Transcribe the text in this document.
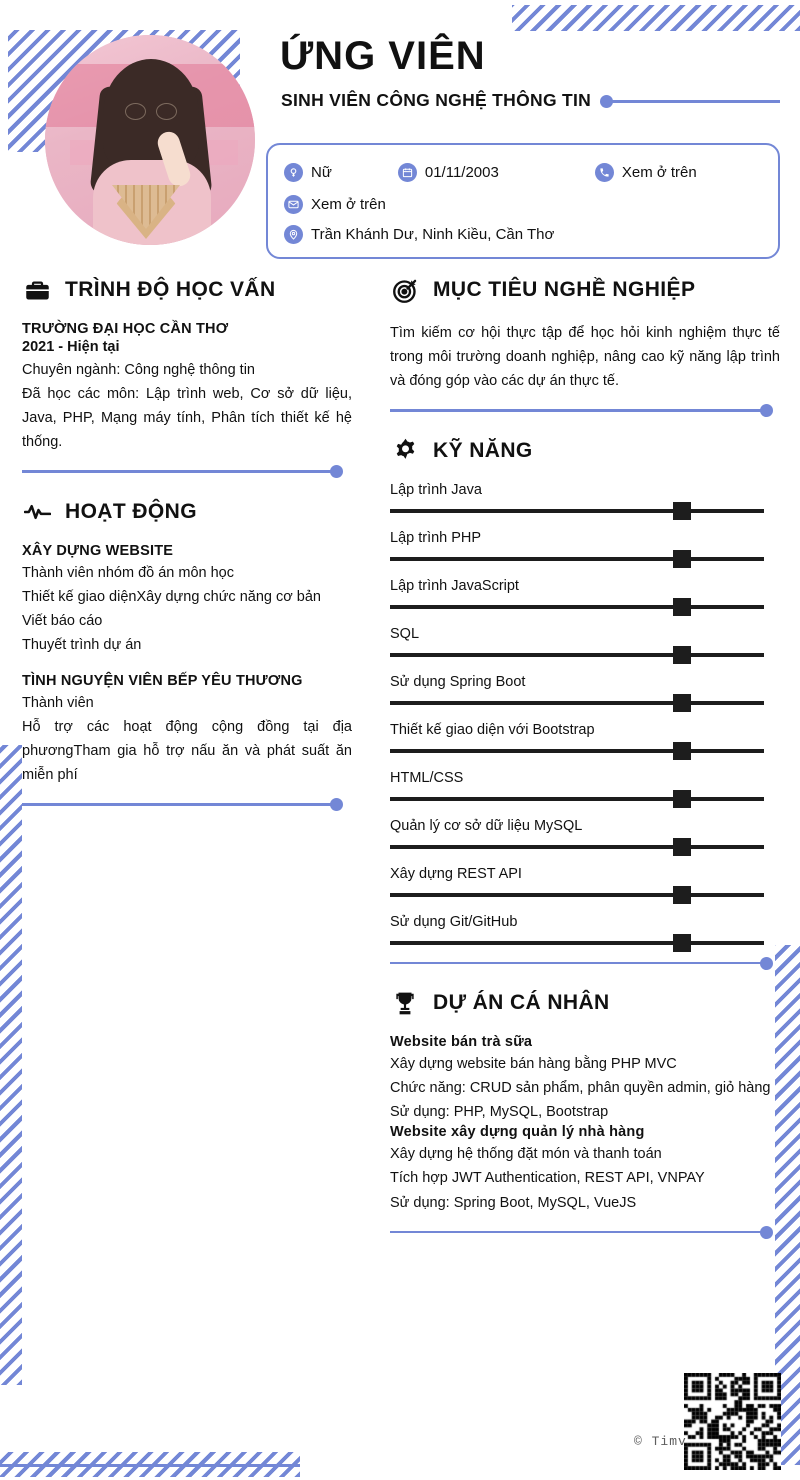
ỨNG VIÊN
SINH VIÊN CÔNG NGHỆ THÔNG TIN
Nữ	01/11/2003	Xem ở trên
Xem ở trên
Trần Khánh Dư, Ninh Kiều, Cần Thơ
TRÌNH ĐỘ HỌC VẤN
TRƯỜNG ĐẠI HỌC CẦN THƠ
2021 - Hiện tại
Chuyên ngành: Công nghệ thông tin
Đã học các môn: Lập trình web, Cơ sở dữ liệu, Java, PHP, Mạng máy tính, Phân tích thiết kế hệ thống.
HOẠT ĐỘNG
XÂY DỰNG WEBSITE
Thành viên nhóm đồ án môn học
Thiết kế giao diệnXây dựng chức năng cơ bản
Viết báo cáo
Thuyết trình dự án
TÌNH NGUYỆN VIÊN BẾP YÊU THƯƠNG
Thành viên
Hỗ trợ các hoạt động cộng đồng tại địa phươngTham gia hỗ trợ nấu ăn và phát suất ăn miễn phí
MỤC TIÊU NGHỀ NGHIỆP
Tìm kiếm cơ hội thực tập để học hỏi kinh nghiệm thực tế trong môi trường doanh nghiệp, nâng cao kỹ năng lập trình và đóng góp vào các dự án thực tế.
KỸ NĂNG
Lập trình Java
Lập trình PHP
Lập trình JavaScript
SQL
Sử dụng Spring Boot
Thiết kế giao diện với Bootstrap
HTML/CSS
Quản lý cơ sở dữ liệu MySQL
Xây dựng REST API
Sử dụng Git/GitHub
DỰ ÁN CÁ NHÂN
Website bán trà sữa
Xây dựng website bán hàng bằng PHP MVC
Chức năng: CRUD sản phẩm, phân quyền admin, giỏ hàng
Sử dụng: PHP, MySQL, Bootstrap
Website xây dựng quản lý nhà hàng
Xây dựng hệ thống đặt món và thanh toán
Tích hợp JWT Authentication, REST API, VNPAY
Sử dụng: Spring Boot, MySQL, VueJS
© Timv
